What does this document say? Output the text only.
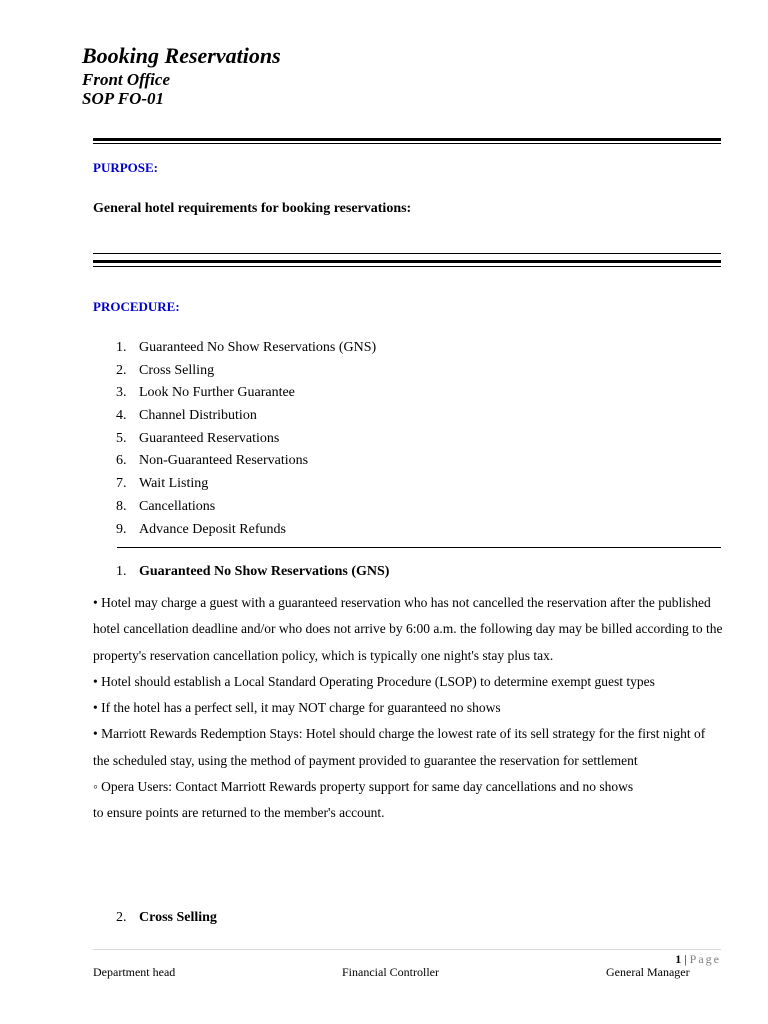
Booking Reservations
Front Office
SOP FO-01
PURPOSE:
General hotel requirements for booking reservations:
PROCEDURE:
1. Guaranteed No Show Reservations (GNS)
2. Cross Selling
3. Look No Further Guarantee
4. Channel Distribution
5. Guaranteed Reservations
6. Non-Guaranteed Reservations
7. Wait Listing
8. Cancellations
9. Advance Deposit Refunds
1. Guaranteed No Show Reservations (GNS)

• Hotel may charge a guest with a guaranteed reservation who has not cancelled the reservation after the published hotel cancellation deadline and/or who does not arrive by 6:00 a.m. the following day may be billed according to the property's reservation cancellation policy, which is typically one night's stay plus tax.

• Hotel should establish a Local Standard Operating Procedure (LSOP) to determine exempt guest types

• If the hotel has a perfect sell, it may NOT charge for guaranteed no shows

• Marriott Rewards Redemption Stays: Hotel should charge the lowest rate of its sell strategy for the first night of the scheduled stay, using the method of payment provided to guarantee the reservation for settlement

◦ Opera Users: Contact Marriott Rewards property support for same day cancellations and no shows

to ensure points are returned to the member's account.

2. Cross Selling
1 | Page
Department head	Financial Controller	General Manager
